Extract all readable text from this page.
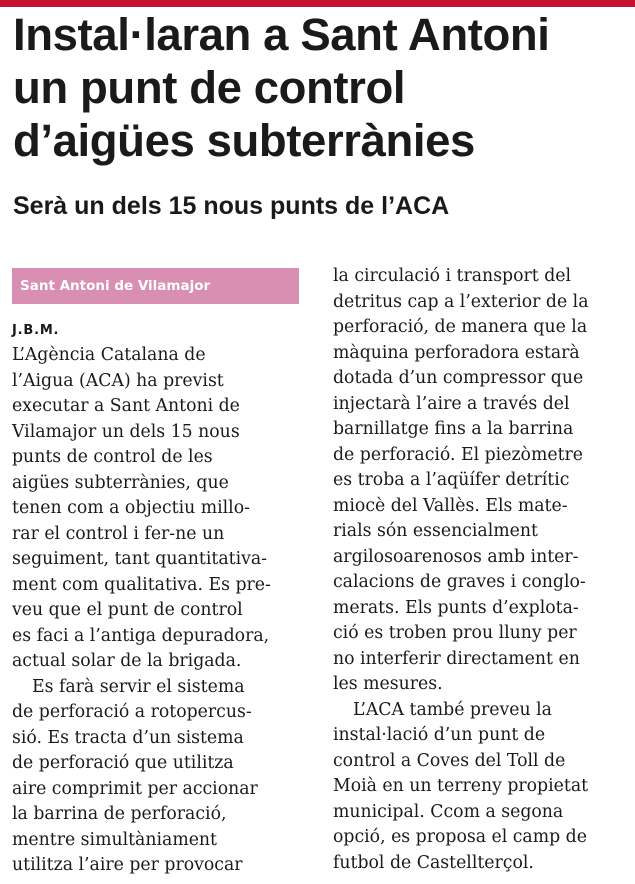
Instal·laran a Sant Antoni
un punt de control
d’aigües subterrànies
Serà un dels 15 nous punts de l’ACA
Sant Antoni de Vilamajor
J.B.M.
L’Agència Catalana de
l’Aigua (ACA) ha previst
executar a Sant Antoni de
Vilamajor un dels 15 nous
punts de control de les
aigües subterrànies, que
tenen com a objectiu millo-
rar el control i fer-ne un
seguiment, tant quantitativa-
ment com qualitativa. Es pre-
veu que el punt de control
es faci a l’antiga depuradora,
actual solar de la brigada.
Es farà servir el sistema
de perforació a rotopercus-
sió. Es tracta d’un sistema
de perforació que utilitza
aire comprimit per accionar
la barrina de perforació,
mentre simultàniament
utilitza l’aire per provocar
la circulació i transport del
detritus cap a l’exterior de la
perforació, de manera que la
màquina perforadora estarà
dotada d’un compressor que
injectarà l’aire a través del
barnillatge fins a la barrina
de perforació. El piezòmetre
es troba a l’aqüífer detrític
miocè del Vallès. Els mate-
rials són essencialment
argilosoarenosos amb inter-
calacions de graves i conglo-
merats. Els punts d’explota-
ció es troben prou lluny per
no interferir directament en
les mesures.
L’ACA també preveu la
instal·lació d’un punt de
control a Coves del Toll de
Moià en un terreny propietat
municipal. Ccom a segona
opció, es proposa el camp de
futbol de Castellterçol.
